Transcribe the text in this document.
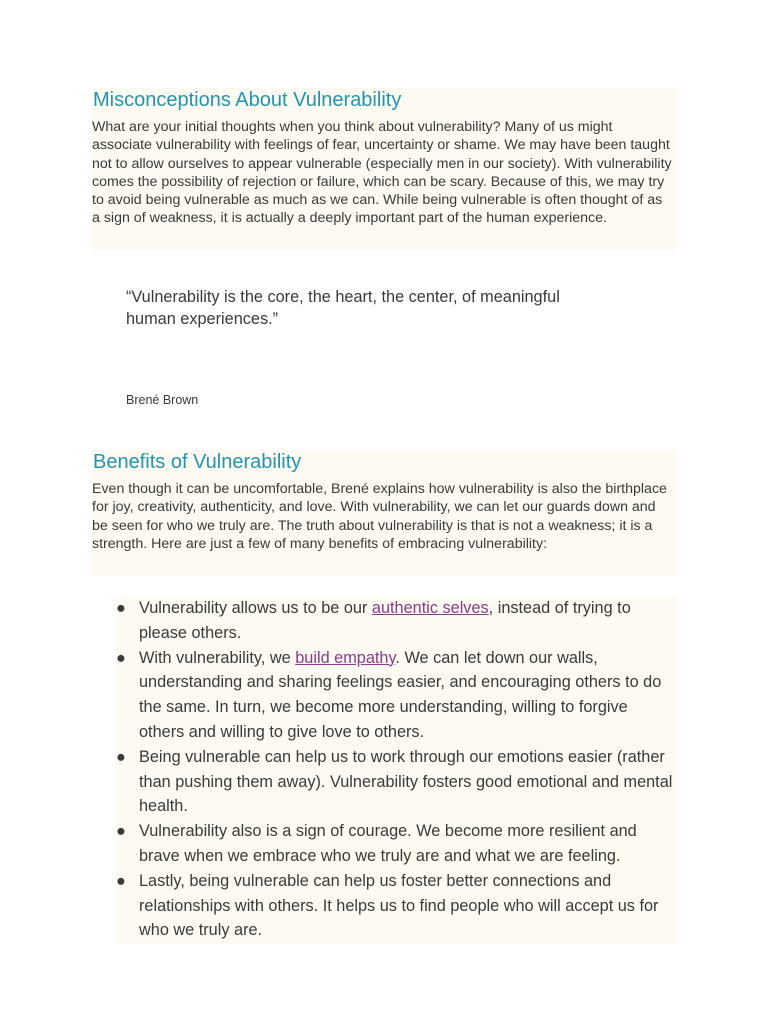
Misconceptions About Vulnerability

What are your initial thoughts when you think about vulnerability? Many of us might associate vulnerability with feelings of fear, uncertainty or shame. We may have been taught not to allow ourselves to appear vulnerable (especially men in our society). With vulnerability comes the possibility of rejection or failure, which can be scary. Because of this, we may try to avoid being vulnerable as much as we can. While being vulnerable is often thought of as a sign of weakness, it is actually a deeply important part of the human experience.

“Vulnerability is the core, the heart, the center, of meaningful human experiences.”

Brené Brown
Benefits of Vulnerability

Even though it can be uncomfortable, Brené explains how vulnerability is also the birthplace for joy, creativity, authenticity, and love. With vulnerability, we can let our guards down and be seen for who we truly are. The truth about vulnerability is that is not a weakness; it is a strength. Here are just a few of many benefits of embracing vulnerability:

● Vulnerability allows us to be our authentic selves, instead of trying to please others.
● With vulnerability, we build empathy. We can let down our walls, understanding and sharing feelings easier, and encouraging others to do the same. In turn, we become more understanding, willing to forgive others and willing to give love to others.
● Being vulnerable can help us to work through our emotions easier (rather than pushing them away). Vulnerability fosters good emotional and mental health.
● Vulnerability also is a sign of courage. We become more resilient and brave when we embrace who we truly are and what we are feeling.
● Lastly, being vulnerable can help us foster better connections and relationships with others. It helps us to find people who will accept us for who we truly are.
